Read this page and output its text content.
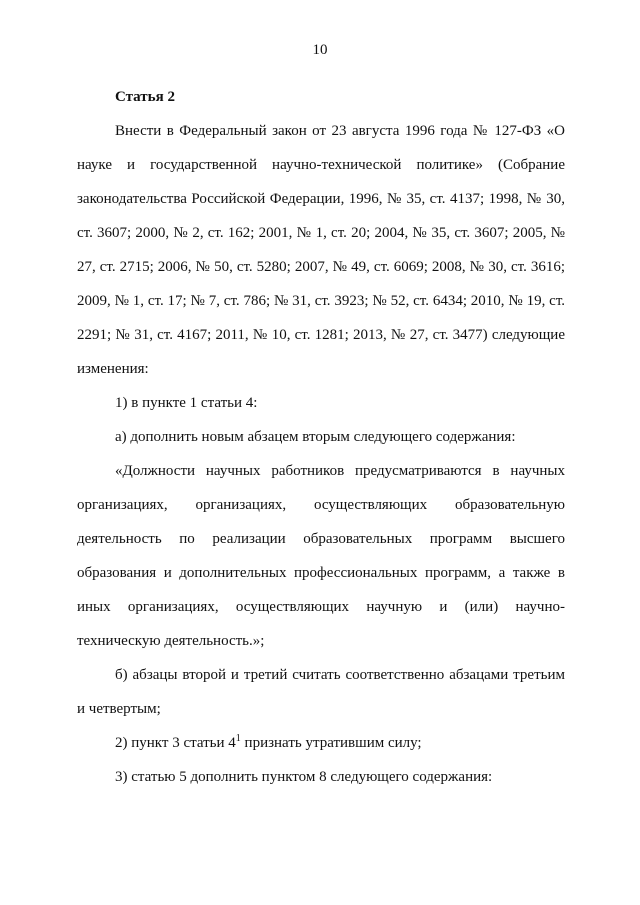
10

Статья 2

Внести в Федеральный закон от 23 августа 1996 года № 127-ФЗ «О науке и государственной научно-технической политике» (Собрание законодательства Российской Федерации, 1996, № 35, ст. 4137; 1998, № 30, ст. 3607; 2000, № 2, ст. 162; 2001, № 1, ст. 20; 2004, № 35, ст. 3607; 2005, № 27, ст. 2715; 2006, № 50, ст. 5280; 2007, № 49, ст. 6069; 2008, № 30, ст. 3616; 2009, № 1, ст. 17; № 7, ст. 786; № 31, ст. 3923; № 52, ст. 6434; 2010, № 19, ст. 2291; № 31, ст. 4167; 2011, № 10, ст. 1281; 2013, № 27, ст. 3477) следующие изменения:

1) в пункте 1 статьи 4:

а) дополнить новым абзацем вторым следующего содержания:

«Должности научных работников предусматриваются в научных организациях, организациях, осуществляющих образовательную деятельность по реализации образовательных программ высшего образования и дополнительных профессиональных программ, а также в иных организациях, осуществляющих научную и (или) научно-техническую деятельность.»;

б) абзацы второй и третий считать соответственно абзацами третьим и четвертым;

2) пункт 3 статьи $4^1$ признать утратившим силу;

3) статью 5 дополнить пунктом 8 следующего содержания:
